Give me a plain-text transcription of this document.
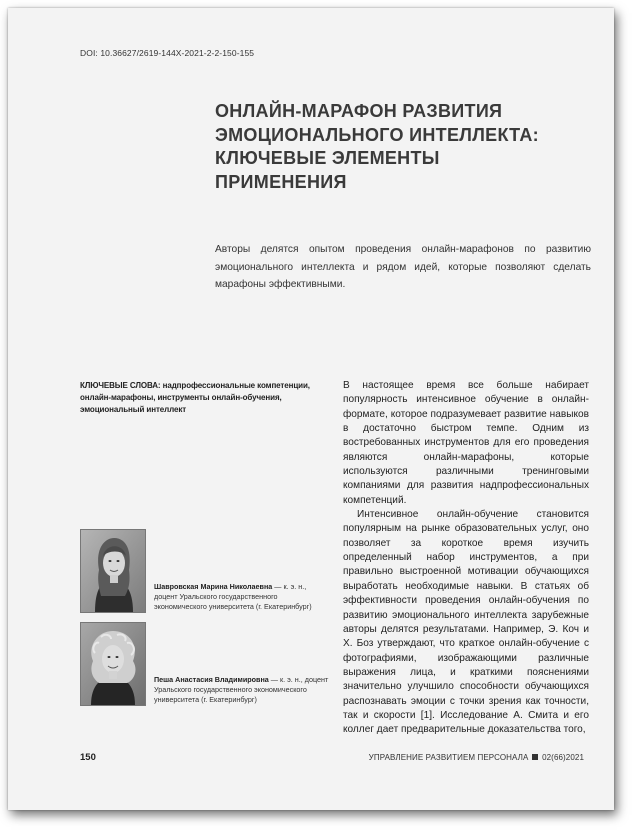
DOI: 10.36627/2619-144X-2021-2-2-150-155
ОНЛАЙН-МАРАФОН РАЗВИТИЯ
ЭМОЦИОНАЛЬНОГО ИНТЕЛЛЕКТА:
КЛЮЧЕВЫЕ ЭЛЕМЕНТЫ ПРИМЕНЕНИЯ

Авторы делятся опытом проведения онлайн-марафонов по развитию эмоционального интеллекта и рядом идей, которые позволяют сделать марафоны эффективными.

КЛЮЧЕВЫЕ СЛОВА: надпрофессиональные компетенции, онлайн-марафоны, инструменты онлайн-обучения, эмоциональный интеллект

В настоящее время все больше набирает популярность интенсивное обучение в онлайн-формате, которое подразумевает развитие навыков в достаточно быстром темпе. Одним из востребованных инструментов для его проведения являются онлайн-марафоны, которые используются различными тренинговыми компаниями для развития надпрофессиональных компетенций.

Интенсивное онлайн-обучение становится популярным на рынке образовательных услуг, оно позволяет за короткое время изучить определенный набор инструментов, а при правильно выстроенной мотивации обучающихся выработать необходимые навыки. В статьях об эффективности проведения онлайн-обучения по развитию эмоционального интеллекта зарубежные авторы делятся результатами. Например, Э. Коч и Х. Боз утверждают, что краткое онлайн-обучение с фотографиями, изображающими различные выражения лица, и краткими пояснениями значительно улучшило способности обучающихся распознавать эмоции с точки зрения как точности, так и скорости [1]. Исследование А. Смита и его коллег дает предварительные доказательства того,

Шавровская Марина Николаевна — к. э. н., доцент Уральского государственного экономического университета (г. Екатеринбург)
Пеша Анастасия Владимировна — к. э. н., доцент Уральского государственного экономического университета (г. Екатеринбург)
150	УПРАВЛЕНИЕ РАЗВИТИЕМ ПЕРСОНАЛА 02(66)2021
